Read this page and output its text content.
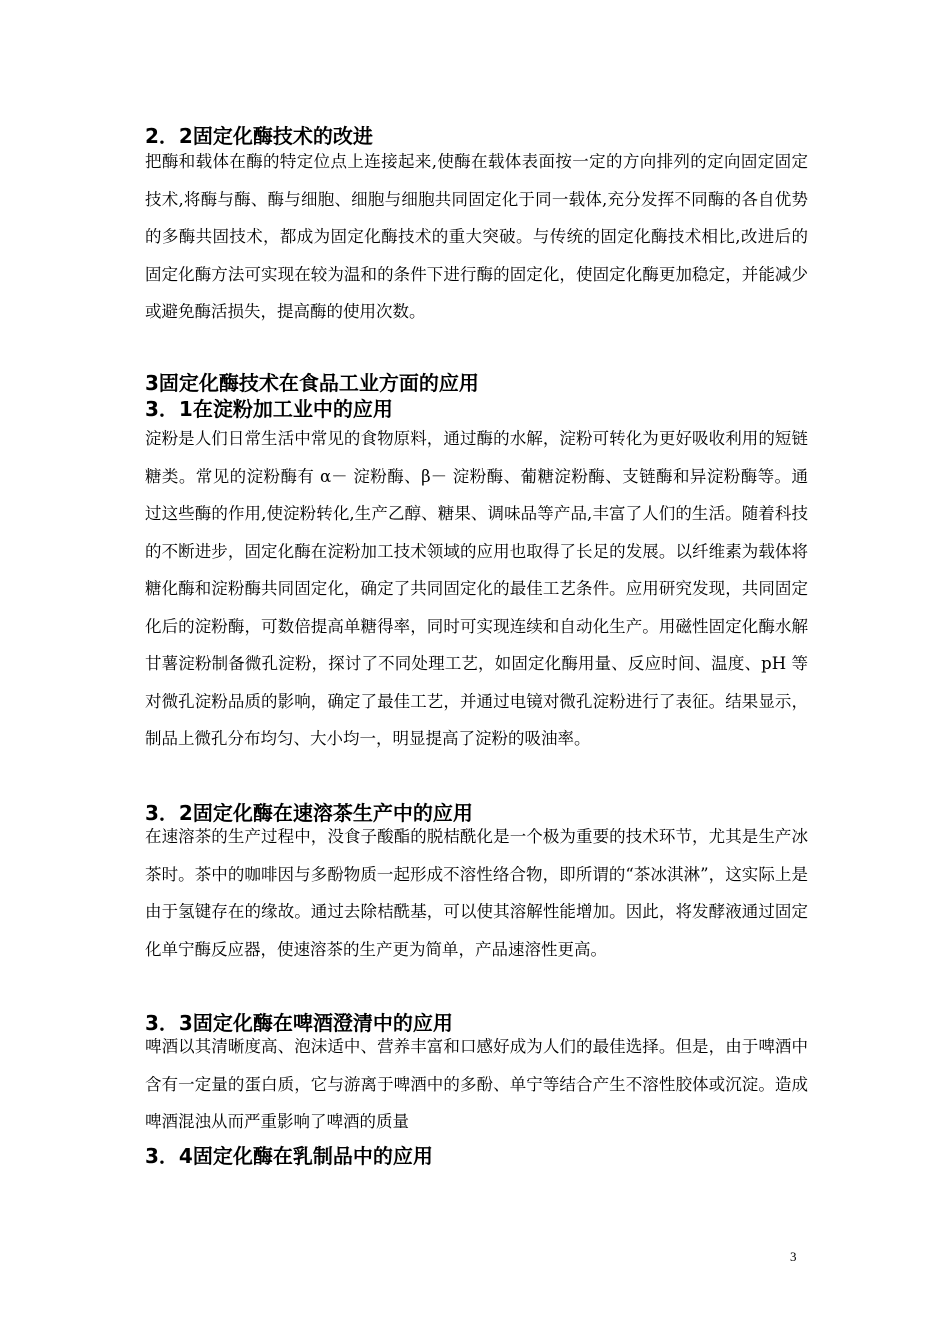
2．2固定化酶技术的改进
把酶和载体在酶的特定位点上连接起来,使酶在载体表面按一定的方向排列的定向固定固定技术,将酶与酶、酶与细胞、细胞与细胞共同固定化于同一载体,充分发挥不同酶的各自优势的多酶共固技术，都成为固定化酶技术的重大突破。与传统的固定化酶技术相比,改进后的固定化酶方法可实现在较为温和的条件下进行酶的固定化，使固定化酶更加稳定，并能减少或避免酶活损失，提高酶的使用次数。
3固定化酶技术在食品工业方面的应用
3．1在淀粉加工业中的应用
淀粉是人们日常生活中常见的食物原料，通过酶的水解，淀粉可转化为更好吸收利用的短链糖类。常见的淀粉酶有 α－ 淀粉酶、β－ 淀粉酶、葡糖淀粉酶、支链酶和异淀粉酶等。通过这些酶的作用,使淀粉转化,生产乙醇、糖果、调味品等产品,丰富了人们的生活。随着科技的不断进步，固定化酶在淀粉加工技术领域的应用也取得了长足的发展。以纤维素为载体将糖化酶和淀粉酶共同固定化，确定了共同固定化的最佳工艺条件。应用研究发现，共同固定化后的淀粉酶，可数倍提高单糖得率，同时可实现连续和自动化生产。用磁性固定化酶水解甘薯淀粉制备微孔淀粉，探讨了不同处理工艺，如固定化酶用量、反应时间、温度、pH 等对微孔淀粉品质的影响，确定了最佳工艺，并通过电镜对微孔淀粉进行了表征。结果显示，制品上微孔分布均匀、大小均一，明显提高了淀粉的吸油率。
3．2固定化酶在速溶茶生产中的应用
在速溶茶的生产过程中，没食子酸酯的脱桔酰化是一个极为重要的技术环节，尤其是生产冰茶时。茶中的咖啡因与多酚物质一起形成不溶性络合物，即所谓的“茶冰淇淋”，这实际上是由于氢键存在的缘故。通过去除桔酰基，可以使其溶解性能增加。因此，将发酵液通过固定化单宁酶反应器，使速溶茶的生产更为简单，产品速溶性更高。
3．3固定化酶在啤酒澄清中的应用
啤酒以其清晰度高、泡沫适中、营养丰富和口感好成为人们的最佳选择。但是，由于啤酒中含有一定量的蛋白质，它与游离于啤酒中的多酚、单宁等结合产生不溶性胶体或沉淀。造成啤酒混浊从而严重影响了啤酒的质量
3．4固定化酶在乳制品中的应用
3
